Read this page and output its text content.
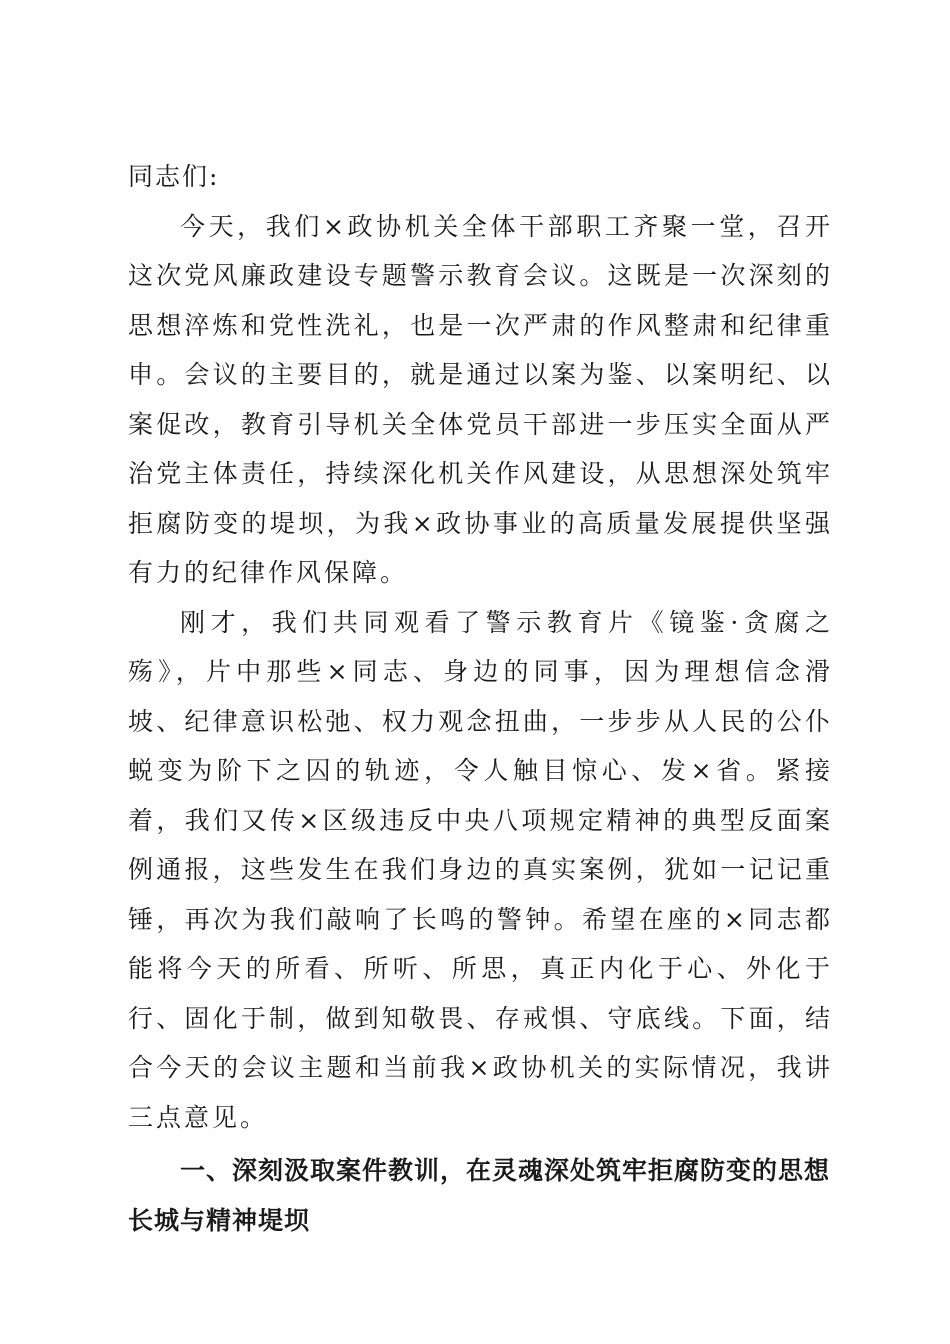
同志们:

今天，我们×政协机关全体干部职工齐聚一堂，召开这次党风廉政建设专题警示教育会议。这既是一次深刻的思想淬炼和党性洗礼，也是一次严肃的作风整肃和纪律重申。会议的主要目的，就是通过以案为鉴、以案明纪、以案促改，教育引导机关全体党员干部进一步压实全面从严治党主体责任，持续深化机关作风建设，从思想深处筑牢拒腐防变的堤坝，为我×政协事业的高质量发展提供坚强有力的纪律作风保障。

刚才，我们共同观看了警示教育片《镜鉴·贪腐之殇》，片中那些×同志、身边的同事，因为理想信念滑坡、纪律意识松弛、权力观念扭曲，一步步从人民的公仆蜕变为阶下之囚的轨迹，令人触目惊心、发×省。紧接着，我们又传×区级违反中央八项规定精神的典型反面案例通报，这些发生在我们身边的真实案例，犹如一记记重锤，再次为我们敲响了长鸣的警钟。希望在座的×同志都能将今天的所看、所听、所思，真正内化于心、外化于行、固化于制，做到知敬畏、存戒惧、守底线。下面，结合今天的会议主题和当前我×政协机关的实际情况，我讲三点意见。

一、深刻汲取案件教训，在灵魂深处筑牢拒腐防变的思想长城与精神堤坝
